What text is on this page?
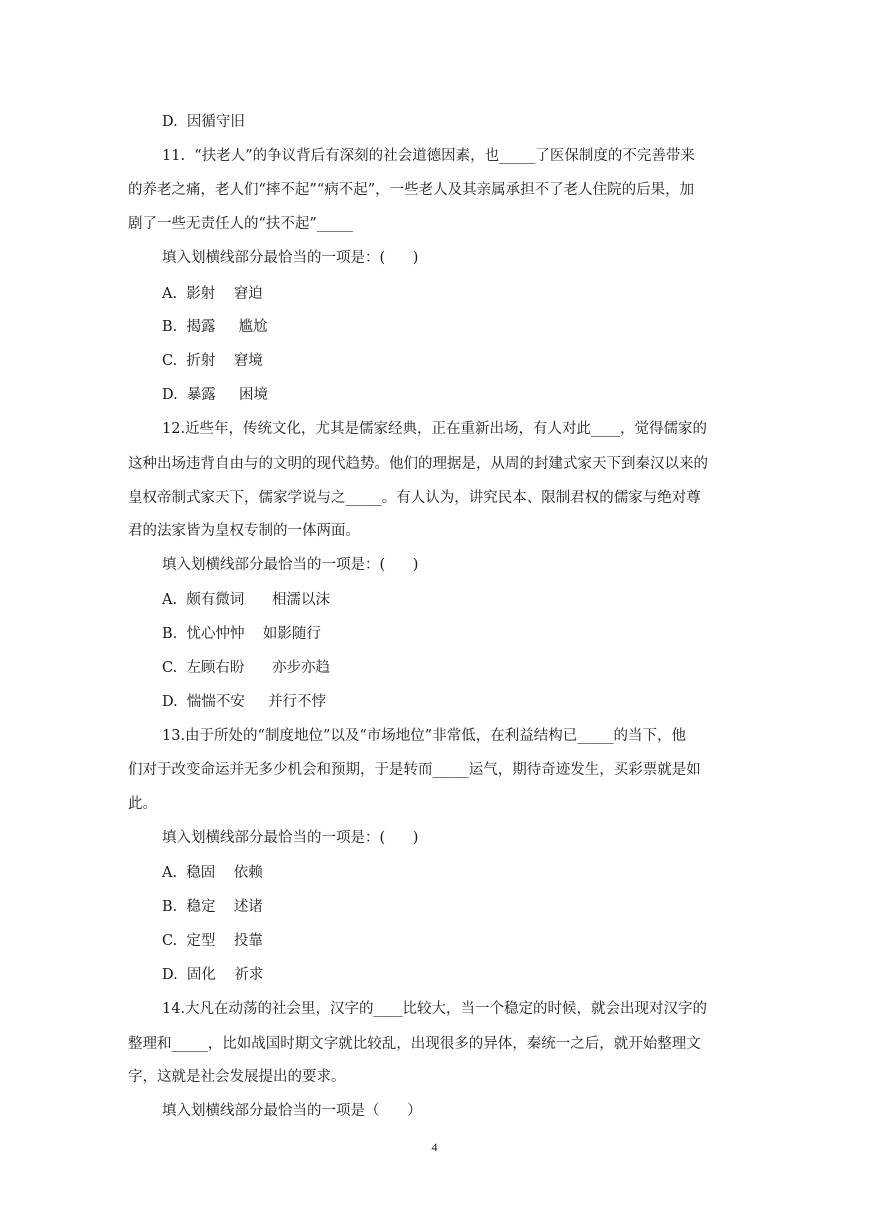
D.  因循守旧
11.  “扶老人”的争议背后有深刻的社会道德因素，也_____了医保制度的不完善带来
的养老之痛，老人们“摔不起”“病不起”，一些老人及其亲属承担不了老人住院的后果，加
剧了一些无责任人的“扶不起”_____
填入划横线部分最恰当的一项是：(      )
A.  影射    窘迫
B.  揭露     尴尬
C.  折射    窘境
D.  暴露     困境
12.近些年，传统文化，尤其是儒家经典，正在重新出场，有人对此____，觉得儒家的
这种出场违背自由与的文明的现代趋势。他们的理据是，从周的封建式家天下到秦汉以来的
皇权帝制式家天下，儒家学说与之_____。有人认为，讲究民本、限制君权的儒家与绝对尊
君的法家皆为皇权专制的一体两面。
填入划横线部分最恰当的一项是：(      )
A.  颇有微词      相濡以沫
B.  忧心忡忡    如影随行
C.  左顾右盼      亦步亦趋
D.  惴惴不安     并行不悖
13.由于所处的“制度地位”以及“市场地位”非常低，在利益结构已_____的当下，他
们对于改变命运并无多少机会和预期，于是转而_____运气，期待奇迹发生，买彩票就是如
此。
填入划横线部分最恰当的一项是：(      )
A.  稳固    依赖
B.  稳定    述诸
C.  定型    投靠
D.  固化    祈求
14.大凡在动荡的社会里，汉字的____比较大，当一个稳定的时候，就会出现对汉字的
整理和_____，比如战国时期文字就比较乱，出现很多的异体，秦统一之后，就开始整理文
字，这就是社会发展提出的要求。
填入划横线部分最恰当的一项是（      ）
4
